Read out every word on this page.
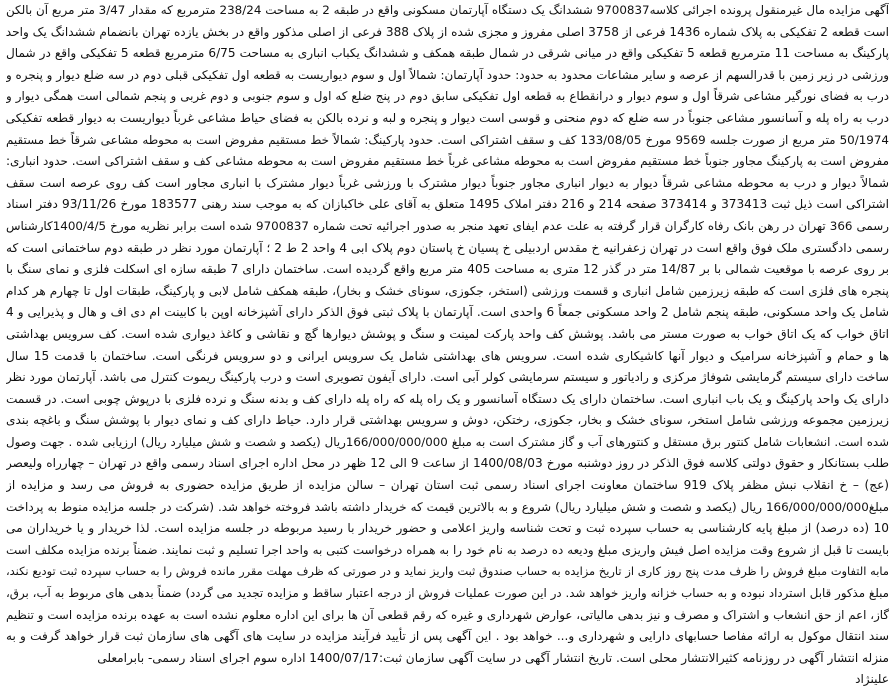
آگهی مزایده مال غیرمنقول پرونده اجرائی کلاسه9700837 ششدانگ یک دستگاه آپارتمان مسکونی واقع در طبقه 2 به مساحت 238/24 مترمربع که مقدار 3/47 متر مربع آن بالکن
است قطعه 2 تفکیکی به پلاک شماره 1436 فرعی از 3758 اصلی مفروز و مجزی شده از پلاک 388 فرعی از اصلی مذکور واقع در بخش یازده تهران بانضمام ششدانگ یک واحد
پارکینگ به مساحت 11 مترمربع قطعه 5 تفکیکی واقع در میانی شرقی در شمال طبقه همکف و ششدانگ یکباب انباری به مساحت 6/75 مترمربع قطعه 5 تفکیکی واقع در شمال
ورزشی در زیر زمین با قدرالسهم از عرصه و سایر مشاعات محدود به حدود: حدود آپارتمان: شمالاً اول و سوم دیواریست به قطعه اول تفکیکی قبلی دوم در سه ضلع دیوار و پنجره و
درب به فضای نورگیر مشاعی شرقاً اول و سوم دیوار و درانقطاع به قطعه اول تفکیکی سابق دوم در پنج ضلع که اول و سوم جنوبی و دوم غربی و پنجم شمالی است همگی دیوار و
درب به راه پله و آسانسور مشاعی جنوباً در سه ضلع که دوم منحنی و قوسی است دیوار و پنجره و لبه و نرده بالکن به فضای حیاط مشاعی غرباً دیواریست به دیوار قطعه تفکیکی
50/1974 متر مربع از صورت جلسه 9569 مورخ 133/08/05 کف و سقف اشتراکی است. حدود پارکینگ: شمالاً خط مستقیم مفروض است به محوطه مشاعی شرقاً خط مستقیم
مفروض است به پارکینگ مجاور جنوباً خط مستقیم مفروض است به محوطه مشاعی غرباً خط مستقیم مفروض است به محوطه مشاعی کف و سقف اشتراکی است. حدود انباری:
شمالاً دیوار و درب به محوطه مشاعی شرقاً دیوار به دیوار انباری مجاور جنوباً دیوار مشترک با ورزشی غرباً دیوار مشترک با انباری مجاور است کف روی عرصه است سقف
اشتراکی است ذیل ثبت 373413 و 373414 صفحه 214 و 216 دفتر املاک 1495 متعلق به آقای علی خاکبازان که به موجب سند رهنی 183577 مورخ 93/11/26 دفتر اسناد
رسمی 366 تهران در رهن بانک رفاه کارگران قرار گرفته به علت عدم ایفای تعهد منجر به صدور اجرائیه تحت شماره 9700837 شده است برابر نظریه مورخ 1400/4/5کارشناس
رسمی دادگستری ملک فوق واقع است در تهران زعفرانیه خ مقدس اردبیلی خ پسیان خ پاستان دوم پلاک ابی 4 واحد 2 ط 2 ؛ آپارتمان مورد نظر در طبقه دوم ساختمانی است که
بر روی عرصه با موقعیت شمالی با بر 14/87 متر در گذر 12 متری به مساحت 405 متر مربع واقع گردیده است. ساختمان دارای 7 طبقه سازه ای اسکلت فلزی و نمای سنگ با
پنجره های فلزی است که طبقه زیرزمین شامل انباری و قسمت ورزشی (استخر، جکوزی، سونای خشک و بخار)، طبقه همکف شامل لابی و پارکینگ، طبقات اول تا چهارم هر کدام
شامل یک واحد مسکونی، طبقه پنجم شامل 2 واحد مسکونی جمعاً 6 واحدی است. آپارتمان با پلاک ثبتی فوق الذکر دارای آشپزخانه اوپن با کابینت ام دی اف و هال و پذیرایی و 4
اتاق خواب که یک اتاق خواب به صورت مستر می باشد. پوشش کف واحد پارکت لمینت و سنگ و پوشش دیوارها گچ و نقاشی و کاغذ دیواری شده است. کف سرویس بهداشتی
ها و حمام و آشپزخانه سرامیک و دیوار آنها کاشیکاری شده است. سرویس های بهداشتی شامل یک سرویس ایرانی و دو سرویس فرنگی است. ساختمان با قدمت 15 سال
ساخت دارای سیستم گرمایشی شوفاژ مرکزی و رادیاتور و سیستم سرمایشی کولر آبی است. دارای آیفون تصویری است و درب پارکینگ ریموت کنترل می باشد. آپارتمان مورد نظر
دارای یک واحد پارکینگ و یک باب انباری است. ساختمان دارای یک دستگاه آسانسور و یک راه پله که راه پله دارای کف و بدنه سنگ و نرده فلزی با درپوش چوبی است. در قسمت
زیرزمین مجموعه ورزشی شامل استخر، سونای خشک و بخار، جکوزی، رختکن، دوش و سرویس بهداشتی قرار دارد. حیاط دارای کف و نمای دیوار با پوشش سنگ و باغچه بندی
شده است. انشعابات شامل کنتور برق مستقل و کنتورهای آب و گاز مشترک است به مبلغ 166/000/000/000ریال (یکصد و شصت و شش میلیارد ریال) ارزیابی شده . جهت وصول
طلب بستانکار و حقوق دولتی کلاسه فوق الذکر در روز دوشنبه مورخ 1400/08/03 از ساعت 9 الی 12 ظهر در محل اداره اجرای اسناد رسمی واقع در تهران – چهارراه ولیعصر
(عج) – خ انقلاب نبش مظفر پلاک 919 ساختمان معاونت اجرای اسناد رسمی ثبت استان تهران – سالن مزایده از طریق مزایده حضوری به فروش می رسد و مزایده از
مبلغ166/000/000/000 ریال (یکصد و شصت و شش میلیارد ریال) شروع و به بالاترین قیمت که خریدار داشته باشد فروخته خواهد شد. (شرکت در جلسه مزایده منوط به پرداخت
10 (ده درصد) از مبلغ پایه کارشناسی به حساب سپرده ثبت و تحت شناسه واریز اعلامی و حضور خریدار با رسید مربوطه در جلسه مزایده است. لذا خریدار و یا خریداران می
بایست تا قبل از شروع وقت مزایده اصل فیش واریزی مبلغ ودیعه ده درصد به نام خود را به همراه درخواست کتبی به واحد اجرا تسلیم و ثبت نمایند. ضمناً برنده مزایده مکلف است
مابه التفاوت مبلغ فروش را ظرف مدت پنج روز کاری از تاریخ مزایده به حساب صندوق ثبت واریز نماید و در صورتی که ظرف مهلت مقرر مانده فروش را به حساب سپرده ثبت تودیع نکند،
مبلغ مذکور قابل استرداد نبوده و به حساب خزانه واریز خواهد شد. در این صورت عملیات فروش از درجه اعتبار ساقط و مزایده تجدید می گردد) ضمناً بدهی های مربوط به آب، برق،
گاز، اعم از حق انشعاب و اشتراک و مصرف و نیز بدهی مالیاتی، عوارض شهرداری و غیره که رقم قطعی آن ها برای این اداره معلوم نشده است به عهده برنده مزایده است و تنظیم
سند انتقال موکول به ارائه مفاصا حسابهای دارایی و شهرداری و... خواهد بود . این آگهی پس از تأیید فرآیند مزایده در سایت های آگهی های سازمان ثبت قرار خواهد گرفت و به
منزله انتشار آگهی در روزنامه کثیرالانتشار محلی است. تاریخ انتشار آگهی در سایت آگهی سازمان ثبت:1400/07/17 اداره سوم اجرای اسناد رسمی- بابرامعلی
علینژاد
